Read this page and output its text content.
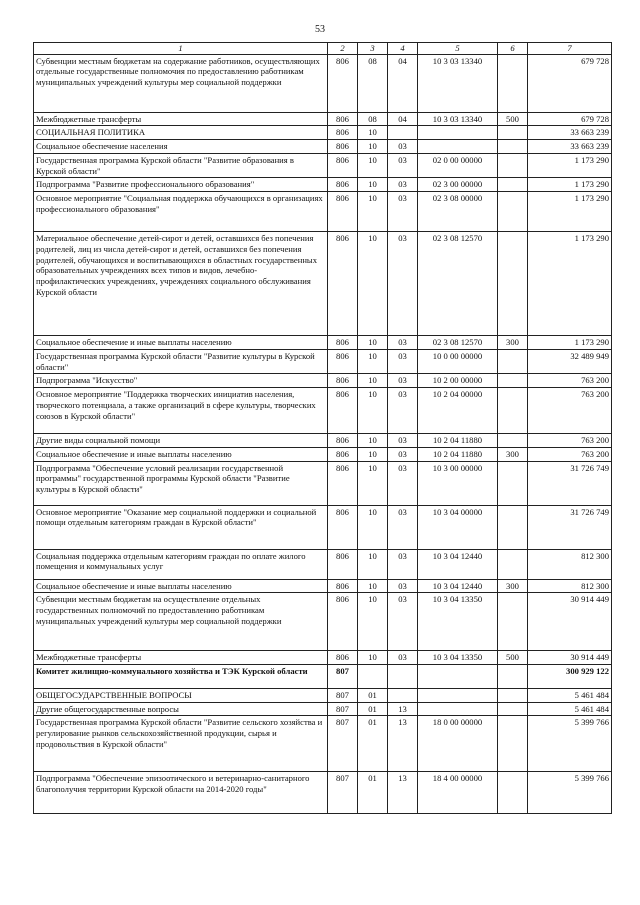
53
1	2	3	4	5	6	7
Субвенции местным бюджетам на содержание работников, осуществляющих отдельные государственные полномочия по предоставлению работникам муниципальных учреждений культуры мер социальной поддержки	806	08	04	10 3 03 13340		679 728
Межбюджетные трансферты	806	08	04	10 3 03 13340	500	679 728
СОЦИАЛЬНАЯ ПОЛИТИКА	806	10				33 663 239
Социальное обеспечение населения	806	10	03			33 663 239
Государственная программа Курской области "Развитие образования в Курской области"	806	10	03	02 0 00 00000		1 173 290
Подпрограмма "Развитие профессионального образования"	806	10	03	02 3 00 00000		1 173 290
Основное мероприятие "Социальная поддержка обучающихся в организациях профессионального образования"	806	10	03	02 3 08 00000		1 173 290
Материальное обеспечение детей-сирот и детей, оставшихся без попечения родителей, лиц из числа детей-сирот и детей, оставшихся без попечения родителей, обучающихся и воспитывающихся в областных государственных образовательных учреждениях всех типов и видов, лечебно-профилактических учреждениях, учреждениях социального обслуживания Курской области	806	10	03	02 3 08 12570		1 173 290
Социальное обеспечение и иные выплаты населению	806	10	03	02 3 08 12570	300	1 173 290
Государственная программа Курской области "Развитие культуры в Курской области"	806	10	03	10 0 00 00000		32 489 949
Подпрограмма "Искусство"	806	10	03	10 2 00 00000		763 200
Основное мероприятие "Поддержка творческих инициатив населения, творческого потенциала, а также организаций в сфере культуры, творческих союзов в Курской области"	806	10	03	10 2 04 00000		763 200
Другие виды социальной помощи	806	10	03	10 2 04 11880		763 200
Социальное обеспечение и иные выплаты населению	806	10	03	10 2 04 11880	300	763 200
Подпрограмма "Обеспечение условий реализации государственной программы" государственной программы Курской области "Развитие культуры в Курской области"	806	10	03	10 3 00 00000		31 726 749
Основное мероприятие "Оказание мер социальной поддержки и социальной помощи отдельным категориям граждан в Курской области"	806	10	03	10 3 04 00000		31 726 749
Социальная поддержка отдельным категориям граждан по оплате жилого помещения и коммунальных услуг	806	10	03	10 3 04 12440		812 300
Социальное обеспечение и иные выплаты населению	806	10	03	10 3 04 12440	300	812 300
Субвенции местным бюджетам на осуществление отдельных государственных полномочий по предоставлению работникам муниципальных учреждений культуры мер социальной поддержки	806	10	03	10 3 04 13350		30 914 449
Межбюджетные трансферты	806	10	03	10 3 04 13350	500	30 914 449
Комитет жилищно-коммунального хозяйства и ТЭК Курской области	807					300 929 122
ОБЩЕГОСУДАРСТВЕННЫЕ ВОПРОСЫ	807	01				5 461 484
Другие общегосударственные вопросы	807	01	13			5 461 484
Государственная программа Курской области "Развитие сельского хозяйства и регулирование рынков сельскохозяйственной продукции, сырья и продовольствия в Курской области"	807	01	13	18 0 00 00000		5 399 766
Подпрограмма "Обеспечение эпизоотического и ветеринарно-санитарного благополучия территории Курской области на 2014-2020 годы"	807	01	13	18 4 00 00000		5 399 766
